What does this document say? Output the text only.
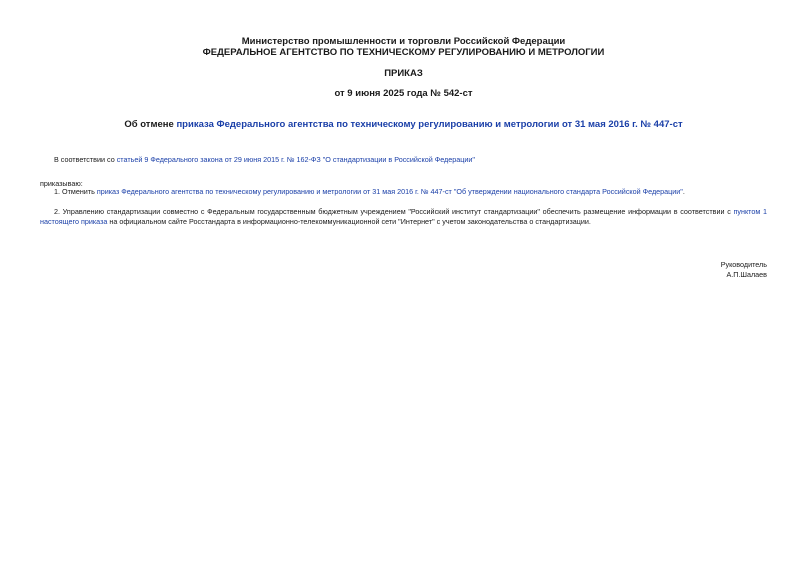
Министерство промышленности и торговли Российской Федерации
ФЕДЕРАЛЬНОЕ АГЕНТСТВО ПО ТЕХНИЧЕСКОМУ РЕГУЛИРОВАНИЮ И МЕТРОЛОГИИ
ПРИКАЗ
от 9 июня 2025 года № 542-ст
Об отмене приказа Федерального агентства по техническому регулированию и метрологии от 31 мая 2016 г. № 447-ст
В соответствии со статьей 9 Федерального закона от 29 июня 2015 г. № 162-ФЗ "О стандартизации в Российской Федерации"
приказываю:
1. Отменить приказ Федерального агентства по техническому регулированию и метрологии от 31 мая 2016 г. № 447-ст "Об утверждении национального стандарта Российской Федерации".
2. Управлению стандартизации совместно с Федеральным государственным бюджетным учреждением "Российский институт стандартизации" обеспечить размещение информации в соответствии с пунктом 1 настоящего приказа на официальном сайте Росстандарта в информационно-телекоммуникационной сети "Интернет" с учетом законодательства о стандартизации.
Руководитель
А.П.Шалаев
